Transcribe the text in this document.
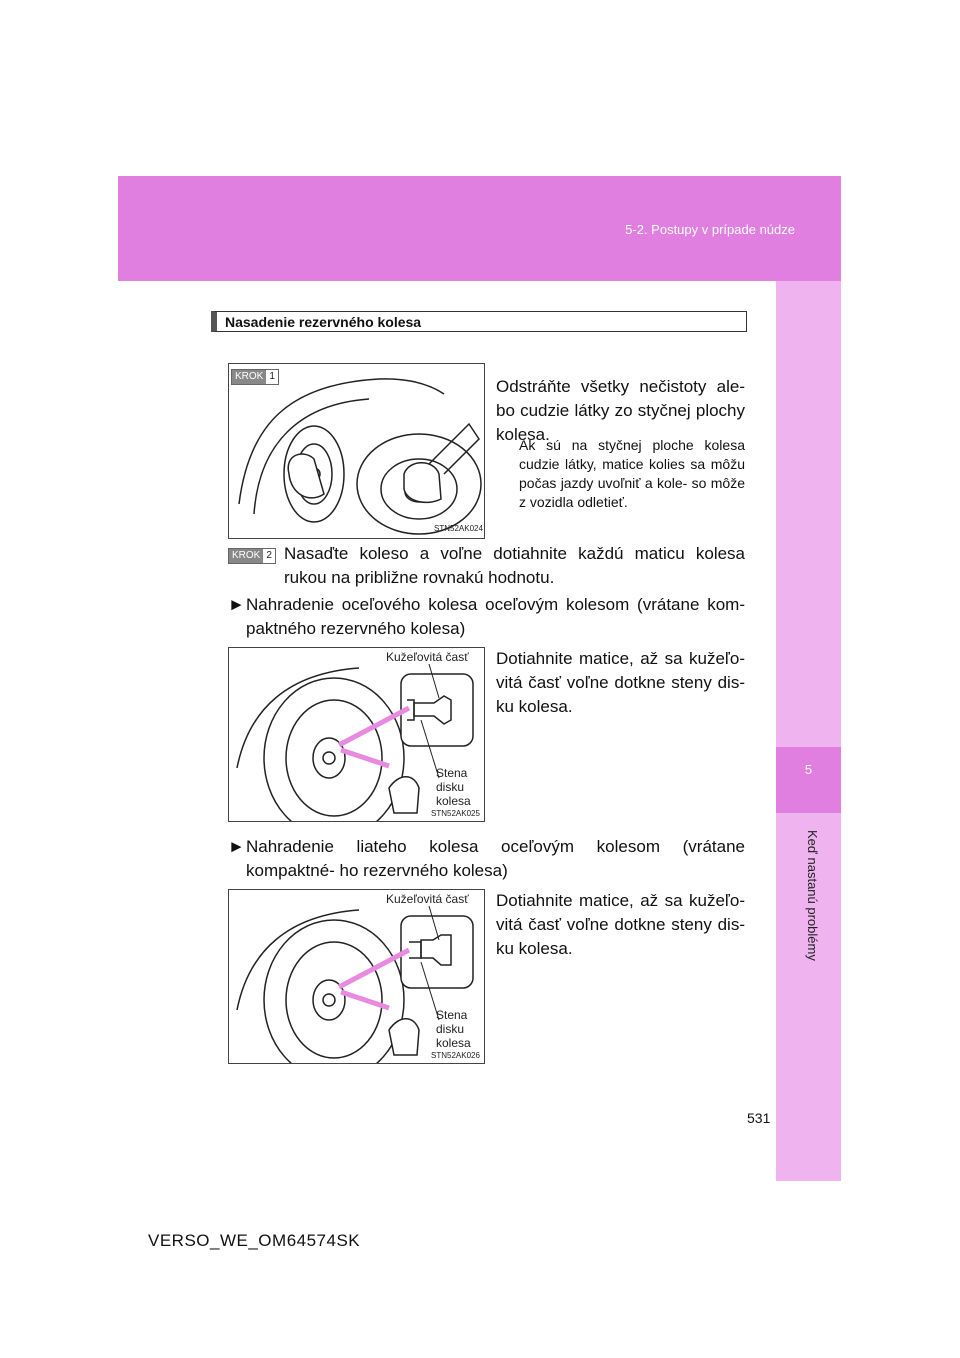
5-2. Postupy v prípade núdze
5
Keď nastanú problémy
Nasadenie rezervného kolesa
KROK 1
STN52AK024
Odstráňte všetky nečistoty ale- bo cudzie látky zo styčnej plochy kolesa.
Ak sú na styčnej ploche kolesa cudzie látky, matice kolies sa môžu počas jazdy uvoľniť a kole- so môže z vozidla odletieť.
KROK 2 Nasaďte koleso a voľne dotiahnite každú maticu kolesa rukou na približne rovnakú hodnotu.
► Nahradenie oceľového kolesa oceľovým kolesom (vrátane kom- paktného rezervného kolesa)
Kužeľovitá časť
Stena
disku
kolesa
STN52AK025
Dotiahnite matice, až sa kužeľo- vitá časť voľne dotkne steny dis- ku kolesa.
► Nahradenie liateho kolesa oceľovým kolesom (vrátane kompaktné- ho rezervného kolesa)
Kužeľovitá časť
Stena
disku
kolesa
STN52AK026
Dotiahnite matice, až sa kužeľo- vitá časť voľne dotkne steny dis- ku kolesa.
531
VERSO_WE_OM64574SK
